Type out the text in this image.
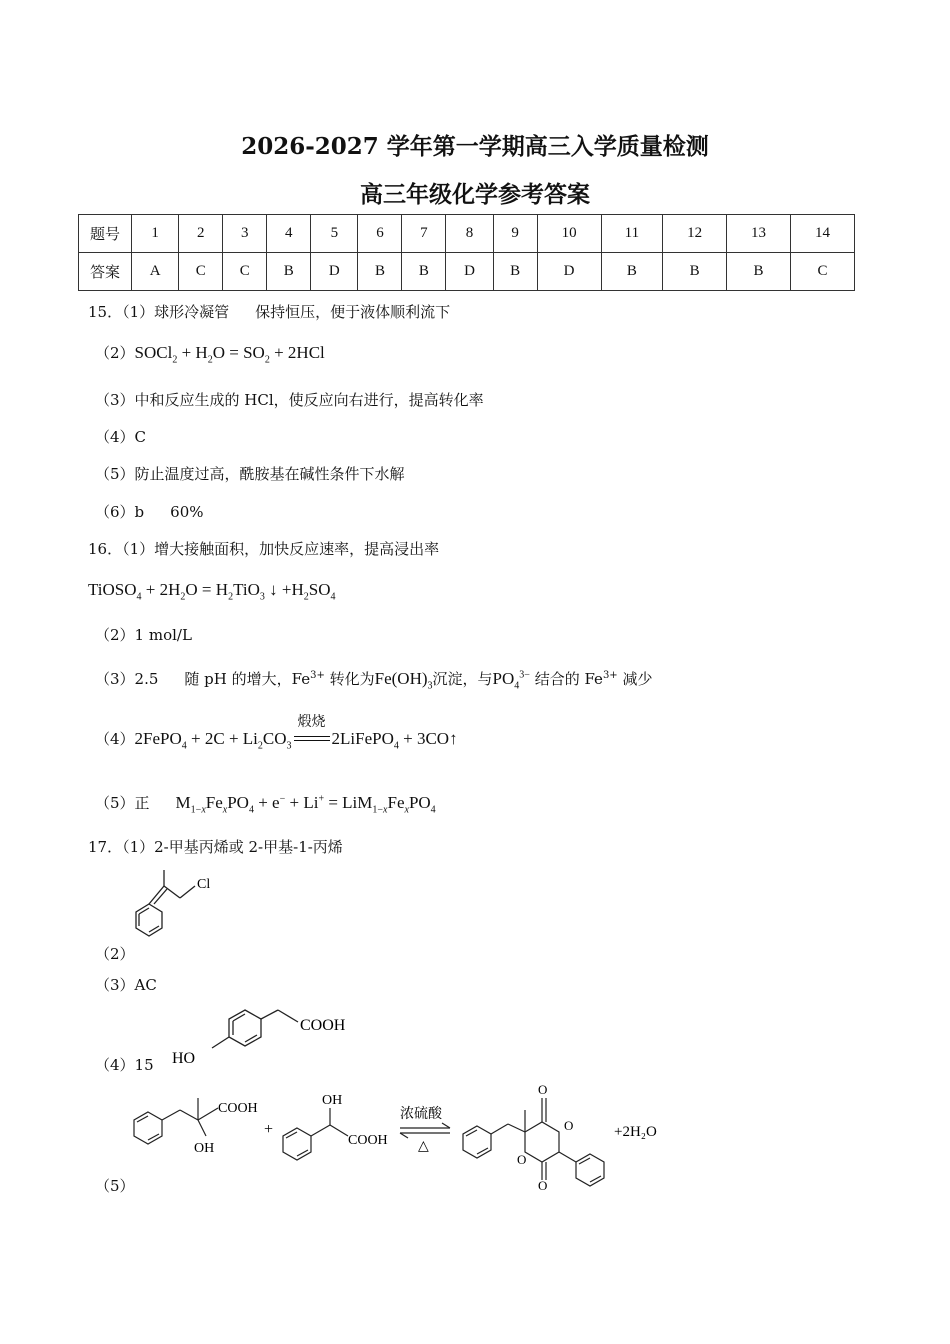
2026-2027 学年第一学期高三入学质量检测
高三年级化学参考答案
题号	1	2	3	4	5	6	7	8	9	10	11	12	13	14
答案	A	C	C	B	D	B	B	D	B	D	B	B	B	C
15．（1）球形冷凝管 保持恒压，便于液体顺利流下
（2）SOCl$_2$ + $H_2O = SO_2 + 2HCl$
（3）中和反应生成的 HCl，使反应向右进行，提高转化率
（4）C
（5）防止温度过高，酰胺基在碱性条件下水解
（6）b 60%
16．（1）增大接触面积，加快反应速率，提高浸出率
TiOSO$_4$ + $2H_2O = H_2TiO_3$ ↓ $+H_2SO_4$
（2）1 mol/L
（3）2.5 随 pH 的增大，$Fe^{3+}$ 转化为$Fe(OH)_3$沉淀，与$PO_4^{3-}$ 结合的 $Fe^{3+}$ 减少
（4）2FePO$_4$ + $2C + Li_2CO_3$
煅烧
2LiFePO$_4$ + 3CO↑
（5）正 $M_{1-x}Fe_xPO_4 + e^- + Li^+ = LiM_{1-x}Fe_xPO_4$
17．（1）2-甲基丙烯或 2-甲基-1-丙烯
Cl
（2）
（3）AC
COOH
HO
（4）15
COOH
OH
+
OH
COOH
浓硫酸
△
O
O
O
O
+2H₂O
（5）
